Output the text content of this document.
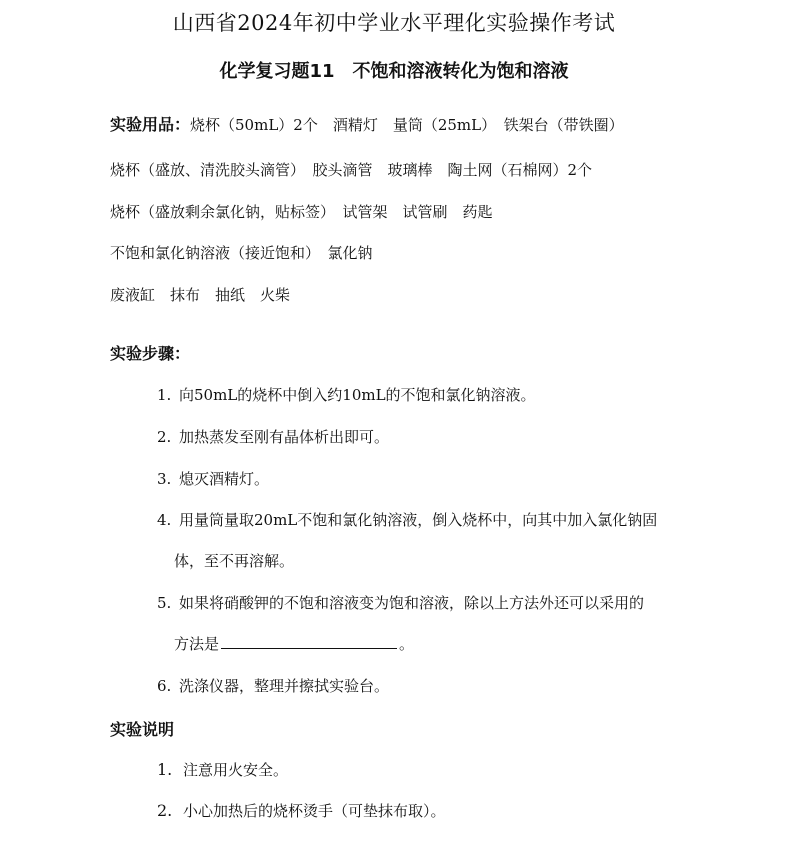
山西省2024年初中学业水平理化实验操作考试
化学复习题11　不饱和溶液转化为饱和溶液
实验用品：烧杯（50mL）2个　酒精灯　量筒（25mL）　铁架台（带铁圈）
烧杯（盛放、清洗胶头滴管）　胶头滴管　玻璃棒　陶土网（石棉网）2个
烧杯（盛放剩余氯化钠，贴标签）　试管架　试管刷　药匙
不饱和氯化钠溶液（接近饱和）　氯化钠
废液缸　抹布　抽纸　火柴
实验步骤：
1. 向50mL的烧杯中倒入约10mL的不饱和氯化钠溶液。
2. 加热蒸发至刚有晶体析出即可。
3. 熄灭酒精灯。
4. 用量筒量取20mL不饱和氯化钠溶液，倒入烧杯中，向其中加入氯化钠固
体，至不再溶解。
5. 如果将硝酸钾的不饱和溶液变为饱和溶液，除以上方法外还可以采用的
方法是	。
6. 洗涤仪器，整理并擦拭实验台。
实验说明
1. 注意用火安全。
2. 小心加热后的烧杯烫手（可垫抹布取）。
